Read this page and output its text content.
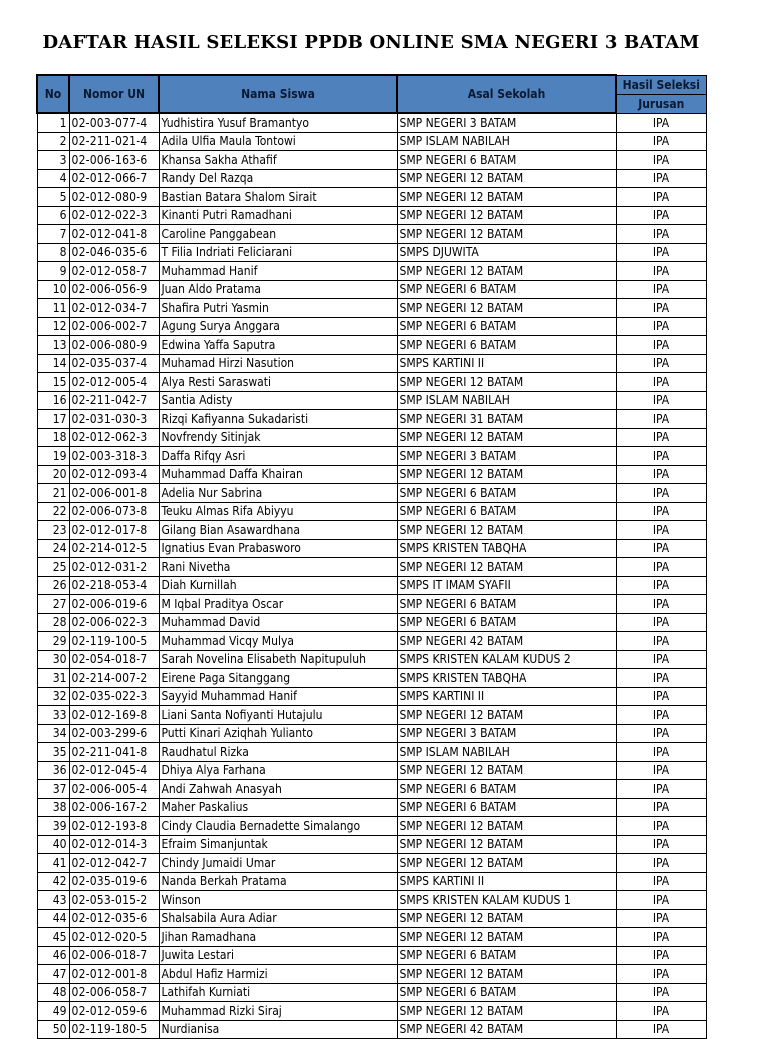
DAFTAR HASIL SELEKSI PPDB ONLINE SMA NEGERI 3 BATAM
No	Nomor UN	Nama Siswa	Asal Sekolah	Hasil Seleksi
				Jurusan
1	02-003-077-4	Yudhistira Yusuf Bramantyo	SMP NEGERI 3 BATAM	IPA
2	02-211-021-4	Adila Ulfia Maula Tontowi	SMP ISLAM NABILAH	IPA
3	02-006-163-6	Khansa Sakha Athafif	SMP NEGERI 6 BATAM	IPA
4	02-012-066-7	Randy Del Razqa	SMP NEGERI 12 BATAM	IPA
5	02-012-080-9	Bastian Batara Shalom Sirait	SMP NEGERI 12 BATAM	IPA
6	02-012-022-3	Kinanti Putri Ramadhani	SMP NEGERI 12 BATAM	IPA
7	02-012-041-8	Caroline Panggabean	SMP NEGERI 12 BATAM	IPA
8	02-046-035-6	T Filia Indriati Feliciarani	SMPS DJUWITA	IPA
9	02-012-058-7	Muhammad Hanif	SMP NEGERI 12 BATAM	IPA
10	02-006-056-9	Juan Aldo Pratama	SMP NEGERI 6 BATAM	IPA
11	02-012-034-7	Shafira Putri Yasmin	SMP NEGERI 12 BATAM	IPA
12	02-006-002-7	Agung Surya Anggara	SMP NEGERI 6 BATAM	IPA
13	02-006-080-9	Edwina Yaffa Saputra	SMP NEGERI 6 BATAM	IPA
14	02-035-037-4	Muhamad Hirzi Nasution	SMPS KARTINI II	IPA
15	02-012-005-4	Alya Resti Saraswati	SMP NEGERI 12 BATAM	IPA
16	02-211-042-7	Santia Adisty	SMP ISLAM NABILAH	IPA
17	02-031-030-3	Rizqi Kafiyanna Sukadaristi	SMP NEGERI 31 BATAM	IPA
18	02-012-062-3	Novfrendy Sitinjak	SMP NEGERI 12 BATAM	IPA
19	02-003-318-3	Daffa Rifqy Asri	SMP NEGERI 3 BATAM	IPA
20	02-012-093-4	Muhammad Daffa Khairan	SMP NEGERI 12 BATAM	IPA
21	02-006-001-8	Adelia Nur Sabrina	SMP NEGERI 6 BATAM	IPA
22	02-006-073-8	Teuku Almas Rifa Abiyyu	SMP NEGERI 6 BATAM	IPA
23	02-012-017-8	Gilang Bian Asawardhana	SMP NEGERI 12 BATAM	IPA
24	02-214-012-5	Ignatius Evan Prabasworo	SMPS KRISTEN TABQHA	IPA
25	02-012-031-2	Rani Nivetha	SMP NEGERI 12 BATAM	IPA
26	02-218-053-4	Diah Kurnillah	SMPS IT IMAM SYAFII	IPA
27	02-006-019-6	M Iqbal Praditya Oscar	SMP NEGERI 6 BATAM	IPA
28	02-006-022-3	Muhammad David	SMP NEGERI 6 BATAM	IPA
29	02-119-100-5	Muhammad Vicqy Mulya	SMP NEGERI 42 BATAM	IPA
30	02-054-018-7	Sarah Novelina Elisabeth Napitupuluh	SMPS KRISTEN KALAM KUDUS 2	IPA
31	02-214-007-2	Eirene Paga Sitanggang	SMPS KRISTEN TABQHA	IPA
32	02-035-022-3	Sayyid Muhammad Hanif	SMPS KARTINI II	IPA
33	02-012-169-8	Liani Santa Nofiyanti Hutajulu	SMP NEGERI 12 BATAM	IPA
34	02-003-299-6	Putti Kinari Aziqhah Yulianto	SMP NEGERI 3 BATAM	IPA
35	02-211-041-8	Raudhatul Rizka	SMP ISLAM NABILAH	IPA
36	02-012-045-4	Dhiya Alya Farhana	SMP NEGERI 12 BATAM	IPA
37	02-006-005-4	Andi Zahwah Anasyah	SMP NEGERI 6 BATAM	IPA
38	02-006-167-2	Maher Paskalius	SMP NEGERI 6 BATAM	IPA
39	02-012-193-8	Cindy Claudia Bernadette Simalango	SMP NEGERI 12 BATAM	IPA
40	02-012-014-3	Efraim Simanjuntak	SMP NEGERI 12 BATAM	IPA
41	02-012-042-7	Chindy Jumaidi Umar	SMP NEGERI 12 BATAM	IPA
42	02-035-019-6	Nanda Berkah Pratama	SMPS KARTINI II	IPA
43	02-053-015-2	Winson	SMPS KRISTEN KALAM KUDUS 1	IPA
44	02-012-035-6	Shalsabila Aura Adiar	SMP NEGERI 12 BATAM	IPA
45	02-012-020-5	Jihan Ramadhana	SMP NEGERI 12 BATAM	IPA
46	02-006-018-7	Juwita Lestari	SMP NEGERI 6 BATAM	IPA
47	02-012-001-8	Abdul Hafiz Harmizi	SMP NEGERI 12 BATAM	IPA
48	02-006-058-7	Lathifah Kurniati	SMP NEGERI 6 BATAM	IPA
49	02-012-059-6	Muhammad Rizki Siraj	SMP NEGERI 12 BATAM	IPA
50	02-119-180-5	Nurdianisa	SMP NEGERI 42 BATAM	IPA
